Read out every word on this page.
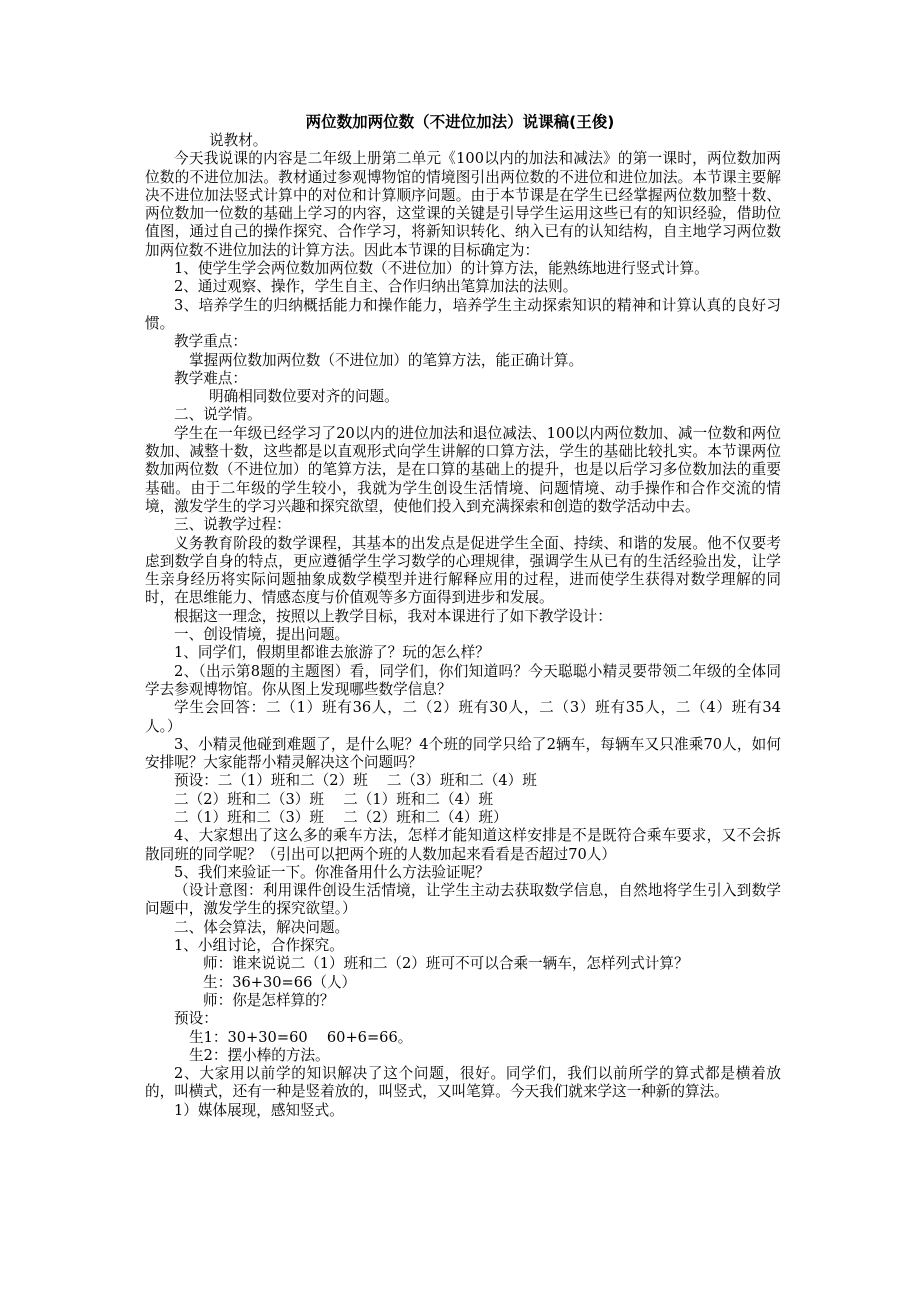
两位数加两位数（不进位加法）说课稿(王俊)

说教材。

今天我说课的内容是二年级上册第二单元《100以内的加法和减法》的第一课时，两位数加两位数的不进位加法。教材通过参观博物馆的情境图引出两位数的不进位和进位加法。本节课主要解决不进位加法竖式计算中的对位和计算顺序问题。由于本节课是在学生已经掌握两位数加整十数、两位数加一位数的基础上学习的内容，这堂课的关键是引导学生运用这些已有的知识经验，借助位值图，通过自己的操作探究、合作学习，将新知识转化、纳入已有的认知结构，自主地学习两位数加两位数不进位加法的计算方法。因此本节课的目标确定为：

1、使学生学会两位数加两位数（不进位加）的计算方法，能熟练地进行竖式计算。

2、通过观察、操作，学生自主、合作归纳出笔算加法的法则。

3、培养学生的归纳概括能力和操作能力，培养学生主动探索知识的精神和计算认真的良好习惯。

教学重点：

掌握两位数加两位数（不进位加）的笔算方法，能正确计算。

教学难点：

明确相同数位要对齐的问题。

二、说学情。

学生在一年级已经学习了20以内的进位加法和退位减法、100以内两位数加、减一位数和两位数加、减整十数，这些都是以直观形式向学生讲解的口算方法，学生的基础比较扎实。本节课两位数加两位数（不进位加）的笔算方法，是在口算的基础上的提升，也是以后学习多位数加法的重要基础。由于二年级的学生较小，我就为学生创设生活情境、问题情境、动手操作和合作交流的情境，激发学生的学习兴趣和探究欲望，使他们投入到充满探索和创造的数学活动中去。

三、说教学过程：

义务教育阶段的数学课程，其基本的出发点是促进学生全面、持续、和谐的发展。他不仅要考虑到数学自身的特点，更应遵循学生学习数学的心理规律，强调学生从已有的生活经验出发，让学生亲身经历将实际问题抽象成数学模型并进行解释应用的过程，进而使学生获得对数学理解的同时，在思维能力、情感态度与价值观等多方面得到进步和发展。

根据这一理念，按照以上教学目标，我对本课进行了如下教学设计：

一、创设情境，提出问题。

1、同学们，假期里都谁去旅游了？玩的怎么样？

2、（出示第8题的主题图）看，同学们，你们知道吗？今天聪聪小精灵要带领二年级的全体同学去参观博物馆。你从图上发现哪些数学信息？

学生会回答：二（1）班有36人，二（2）班有30人，二（3）班有35人，二（4）班有34人。）

3、小精灵他碰到难题了，是什么呢？4个班的同学只给了2辆车，每辆车又只准乘70人，如何安排呢？大家能帮小精灵解决这个问题吗？

预设：二（1）班和二（2）班　 二（3）班和二（4）班

二（2）班和二（3）班　 二（1）班和二（4）班

二（1）班和二（3）班　 二（2）班和二（4）班）

4、大家想出了这么多的乘车方法，怎样才能知道这样安排是不是既符合乘车要求，又不会拆散同班的同学呢？（引出可以把两个班的人数加起来看看是否超过70人）

5、我们来验证一下。你准备用什么方法验证呢？

（设计意图：利用课件创设生活情境，让学生主动去获取数学信息，自然地将学生引入到数学问题中，激发学生的探究欲望。）

二、体会算法，解决问题。

1、小组讨论，合作探究。

师：谁来说说二（1）班和二（2）班可不可以合乘一辆车，怎样列式计算？

生：36+30=66（人）

师：你是怎样算的？

预设：

生1：30+30=60　 60+6=66。

生2：摆小棒的方法。

2、大家用以前学的知识解决了这个问题，很好。同学们，我们以前所学的算式都是横着放的，叫横式，还有一种是竖着放的，叫竖式，又叫笔算。今天我们就来学这一种新的算法。

1）媒体展现，感知竖式。
